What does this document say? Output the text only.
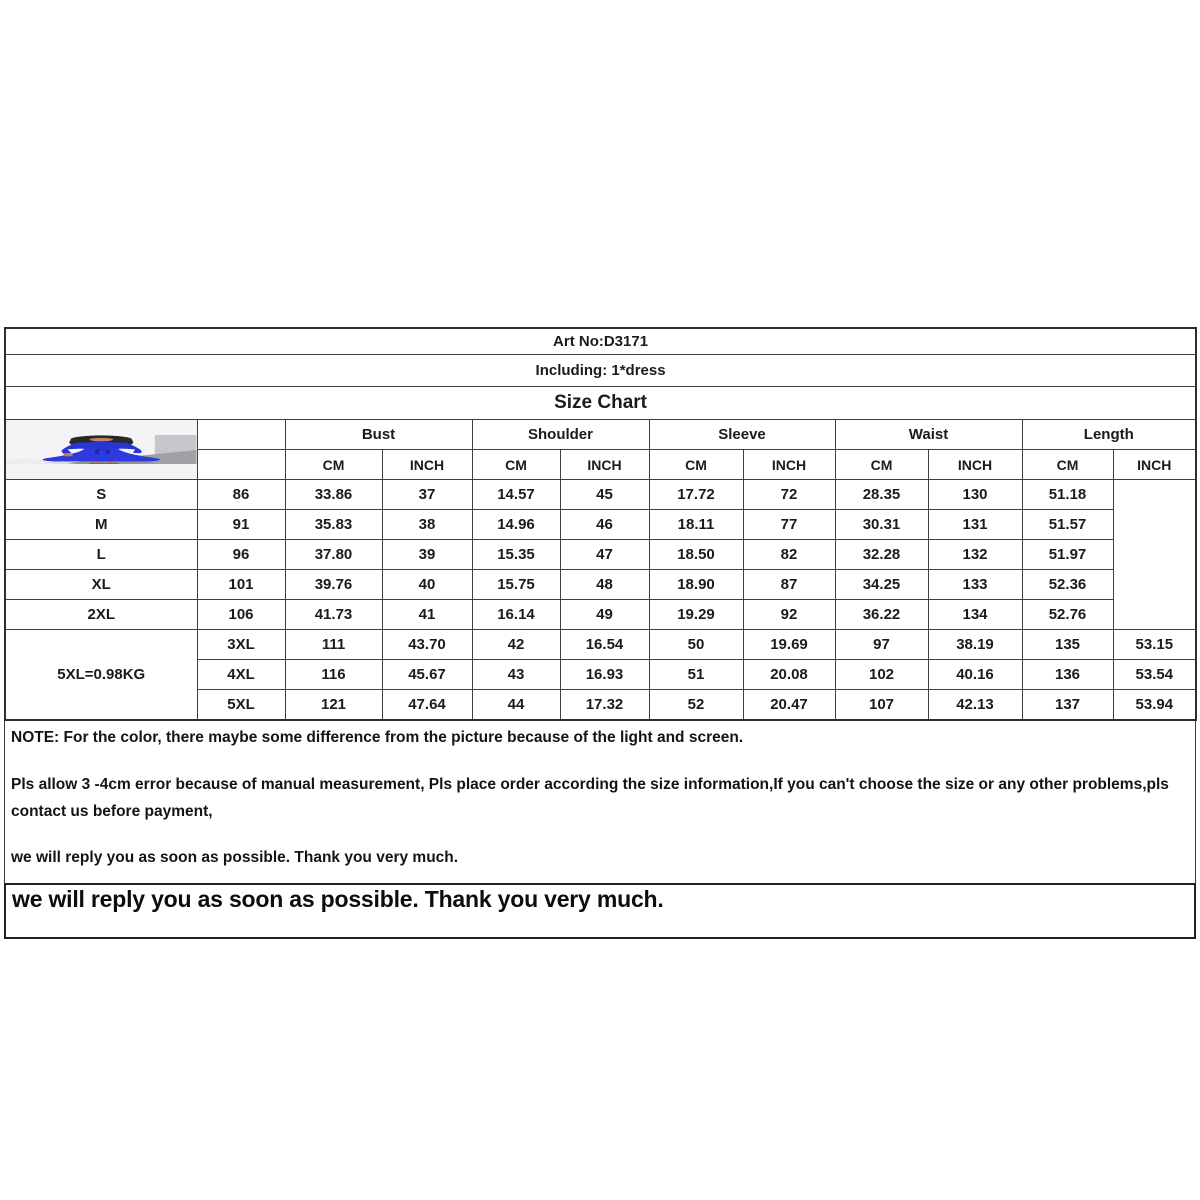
Art No:D3171											
Including: 1*dress											
Size Chart											

		Bust		Shoulder		Sleeve		Waist		Length	
		CM	INCH	CM	INCH	CM	INCH	CM	INCH	CM	INCH
S	86	33.86	37	14.57	45	17.72	72	28.35	130	51.18	
M	91	35.83	38	14.96	46	18.11	77	30.31	131	51.57	
L	96	37.80	39	15.35	47	18.50	82	32.28	132	51.97	
XL	101	39.76	40	15.75	48	18.90	87	34.25	133	52.36	
2XL	106	41.73	41	16.14	49	19.29	92	36.22	134	52.76	
5XL=0.98KG	3XL	111	43.70	42	16.54	50	19.69	97	38.19	135	53.15
	4XL	116	45.67	43	16.93	51	20.08	102	40.16	136	53.54
	5XL	121	47.64	44	17.32	52	20.47	107	42.13	137	53.94
NOTE: For the color, there maybe some difference from the picture because of the light and screen.
Pls allow 3 -4cm error because of manual measurement, Pls place order according the size information,If you can't choose the size or any other problems,pls
contact us before payment,
we will reply you as soon as possible. Thank you very much.
we will reply you as soon as possible. Thank you very much.
